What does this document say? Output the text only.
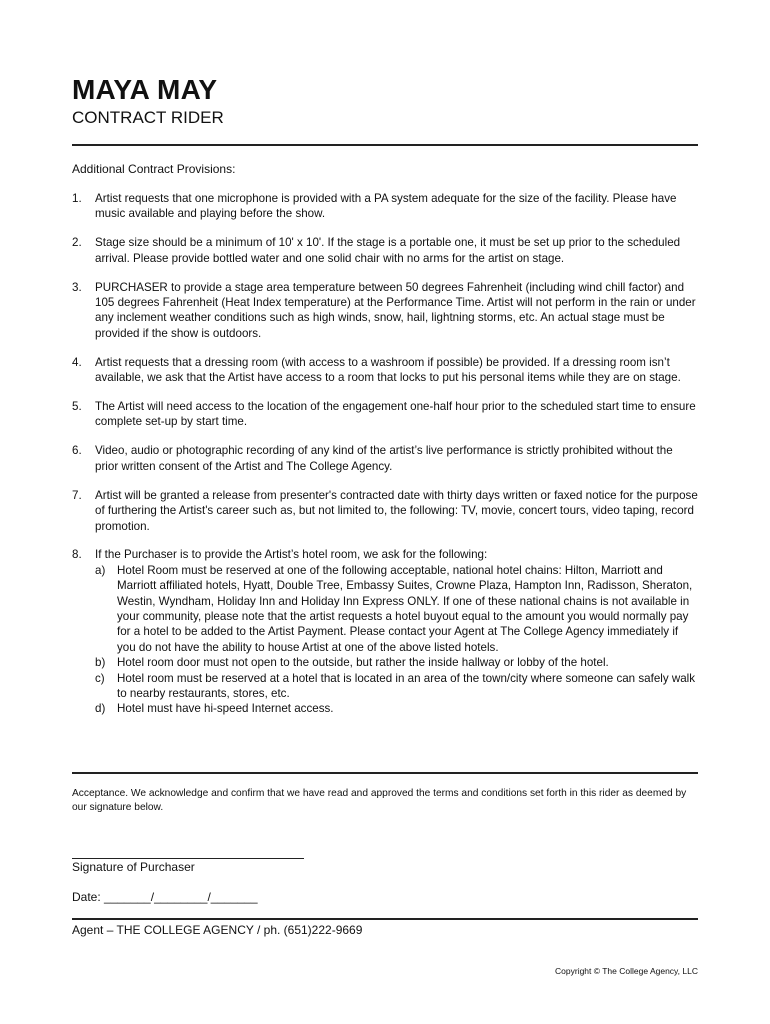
MAYA MAY
CONTRACT RIDER

Additional Contract Provisions:

1.	Artist requests that one microphone is provided with a PA system adequate for the size of the facility. Please have music available and playing before the show.
2.	Stage size should be a minimum of 10' x 10'. If the stage is a portable one, it must be set up prior to the scheduled arrival. Please provide bottled water and one solid chair with no arms for the artist on stage.
3.	PURCHASER to provide a stage area temperature between 50 degrees Fahrenheit (including wind chill factor) and 105 degrees Fahrenheit (Heat Index temperature) at the Performance Time. Artist will not perform in the rain or under any inclement weather conditions such as high winds, snow, hail, lightning storms, etc. An actual stage must be provided if the show is outdoors.
4.	Artist requests that a dressing room (with access to a washroom if possible) be provided. If a dressing room isn’t available, we ask that the Artist have access to a room that locks to put his personal items while they are on stage.
5.	The Artist will need access to the location of the engagement one-half hour prior to the scheduled start time to ensure complete set-up by start time.
6.	Video, audio or photographic recording of any kind of the artist’s live performance is strictly prohibited without the prior written consent of the Artist and The College Agency.
7.	Artist will be granted a release from presenter's contracted date with thirty days written or faxed notice for the purpose of furthering the Artist's career such as, but not limited to, the following: TV, movie, concert tours, video taping, record promotion.
8.	If the Purchaser is to provide the Artist’s hotel room, we ask for the following:
a)	Hotel Room must be reserved at one of the following acceptable, national hotel chains: Hilton, Marriott and Marriott affiliated hotels, Hyatt, Double Tree, Embassy Suites, Crowne Plaza, Hampton Inn, Radisson, Sheraton, Westin, Wyndham, Holiday Inn and Holiday Inn Express ONLY. If one of these national chains is not available in your community, please note that the artist requests a hotel buyout equal to the amount you would normally pay for a hotel to be added to the Artist Payment. Please contact your Agent at The College Agency immediately if you do not have the ability to house Artist at one of the above listed hotels.
b)	Hotel room door must not open to the outside, but rather the inside hallway or lobby of the hotel.
c)	Hotel room must be reserved at a hotel that is located in an area of the town/city where someone can safely walk to nearby restaurants, stores, etc.
d)	Hotel must have hi-speed Internet access.

Acceptance. We acknowledge and confirm that we have read and approved the terms and conditions set forth in this rider as deemed by our signature below.

Signature of Purchaser

Date: _______/________/_______

Agent – THE COLLEGE AGENCY / ph. (651)222-9669

Copyright © The College Agency, LLC
